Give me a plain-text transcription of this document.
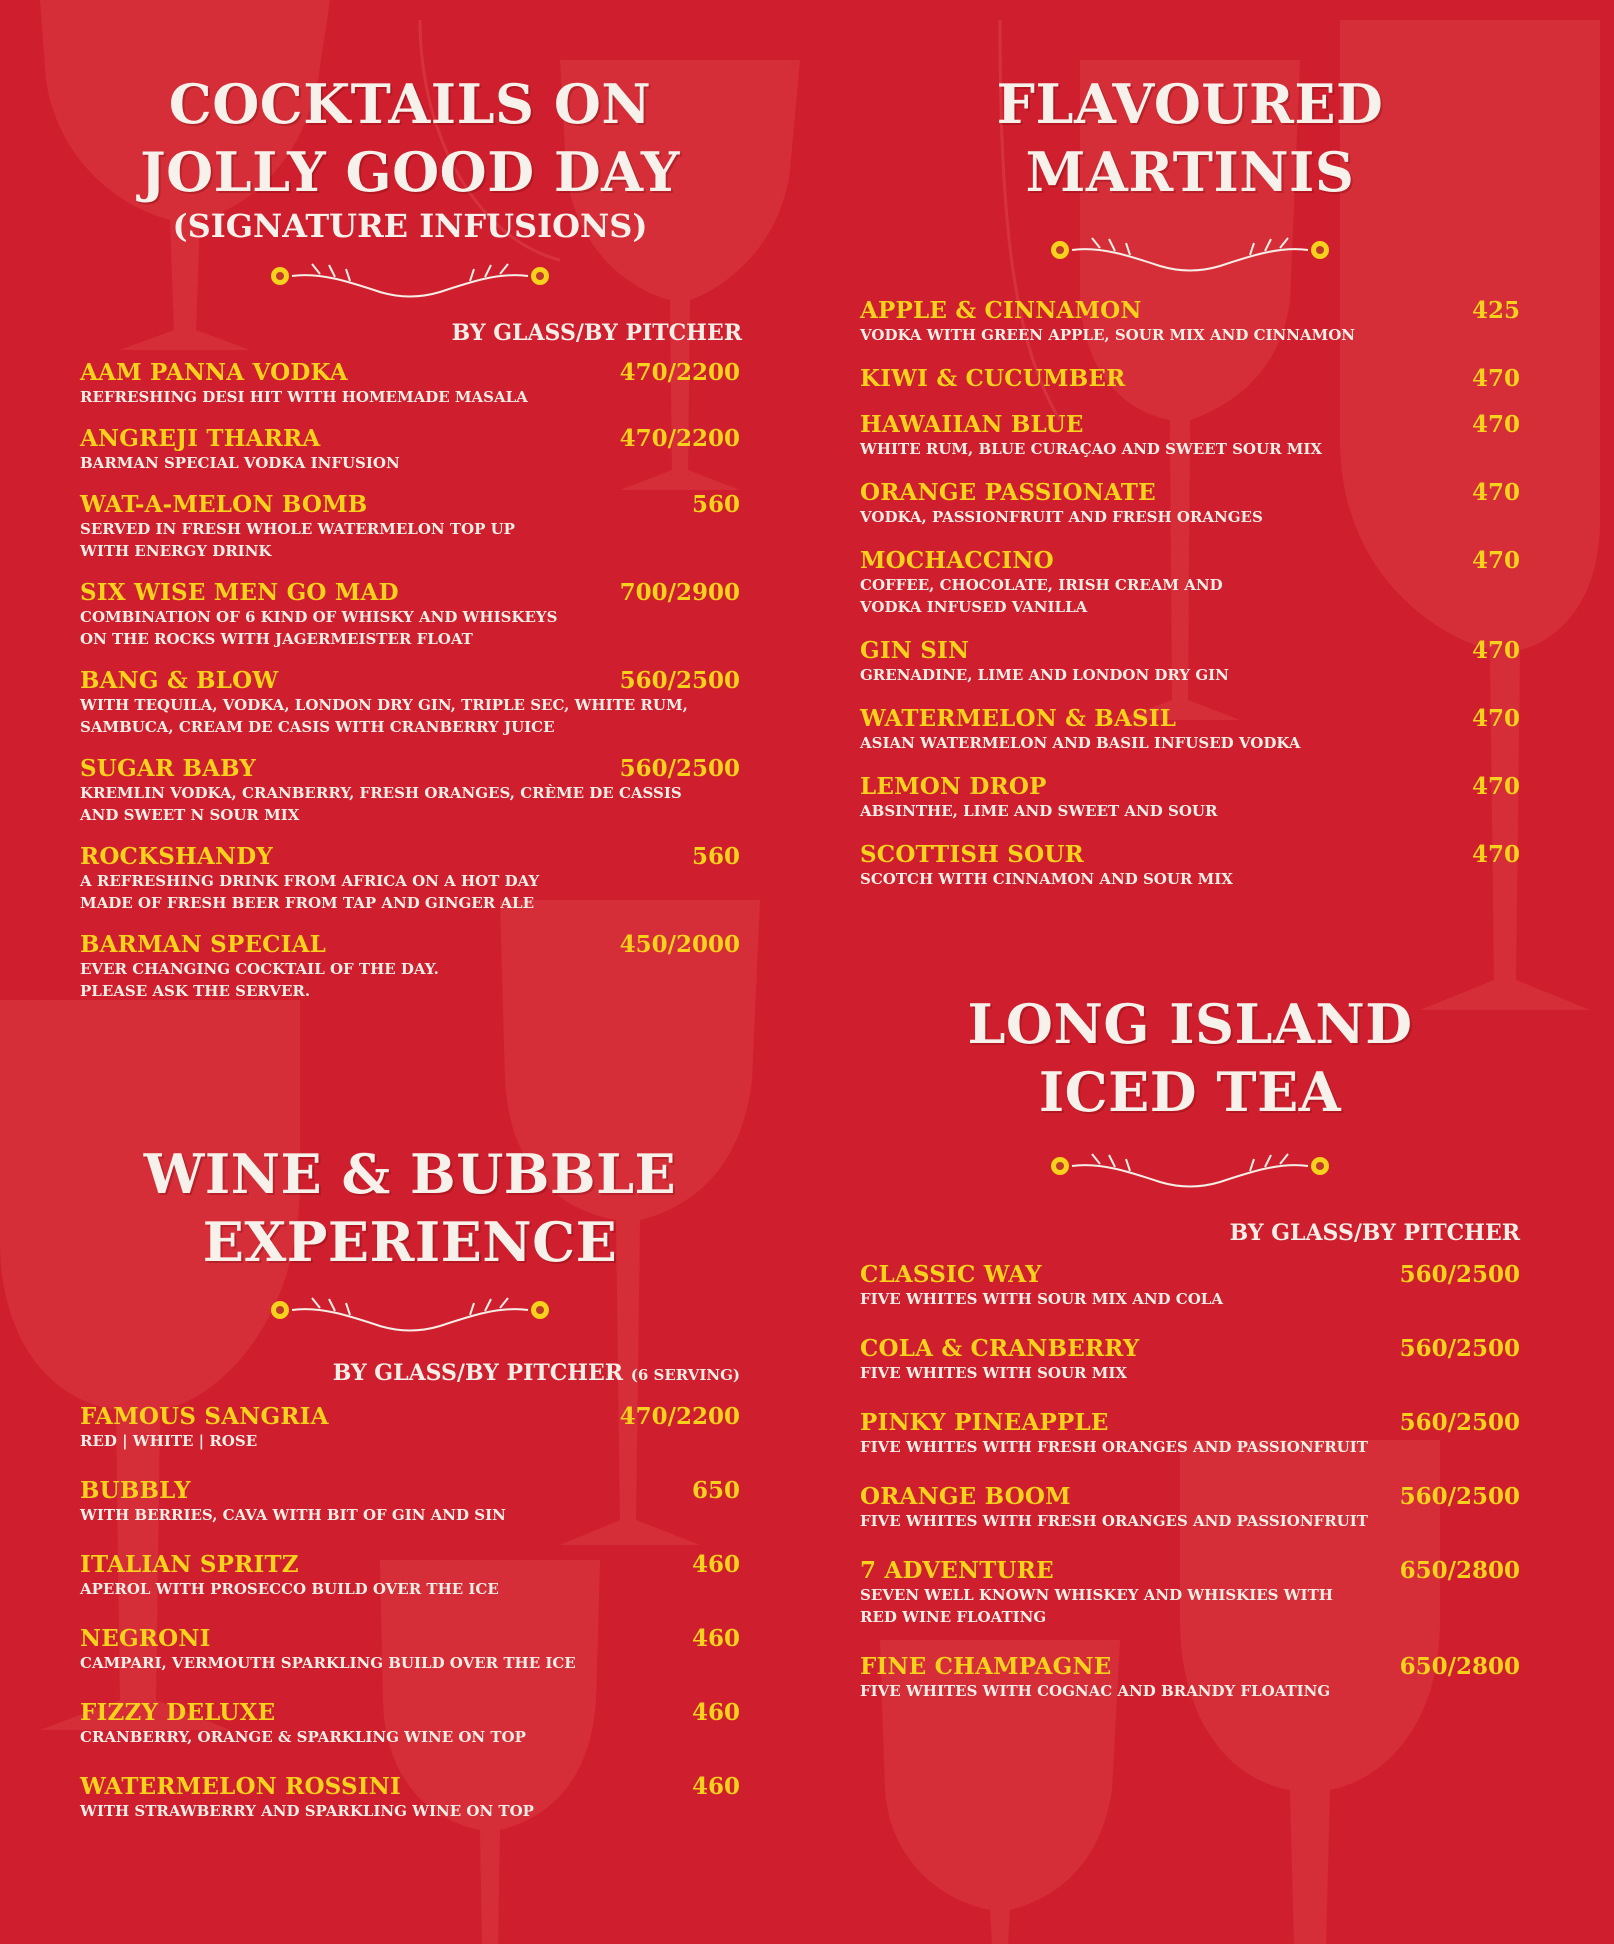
COCKTAILS ON
JOLLY GOOD DAY
(SIGNATURE INFUSIONS)
BY GLASS/BY PITCHER
AAM PANNA VODKA	470/2200
REFRESHING DESI HIT WITH HOMEMADE MASALA
ANGREJI THARRA	470/2200
BARMAN SPECIAL VODKA INFUSION
WAT-A-MELON BOMB	560
SERVED IN FRESH WHOLE WATERMELON TOP UP
WITH ENERGY DRINK
SIX WISE MEN GO MAD	700/2900
COMBINATION OF 6 KIND OF WHISKY AND WHISKEYS
ON THE ROCKS WITH JAGERMEISTER FLOAT
BANG & BLOW	560/2500
WITH TEQUILA, VODKA, LONDON DRY GIN, TRIPLE SEC, WHITE RUM,
SAMBUCA, CREAM DE CASIS WITH CRANBERRY JUICE
SUGAR BABY	560/2500
KREMLIN VODKA, CRANBERRY, FRESH ORANGES, CRÈME DE CASSIS
AND SWEET N SOUR MIX
ROCKSHANDY	560
A REFRESHING DRINK FROM AFRICA ON A HOT DAY
MADE OF FRESH BEER FROM TAP AND GINGER ALE
BARMAN SPECIAL	450/2000
EVER CHANGING COCKTAIL OF THE DAY.
PLEASE ASK THE SERVER.
WINE & BUBBLE
EXPERIENCE
BY GLASS/BY PITCHER (6 SERVING)
FAMOUS SANGRIA	470/2200
RED | WHITE | ROSE
BUBBLY	650
WITH BERRIES, CAVA WITH BIT OF GIN AND SIN
ITALIAN SPRITZ	460
APEROL WITH PROSECCO BUILD OVER THE ICE
NEGRONI	460
CAMPARI, VERMOUTH SPARKLING BUILD OVER THE ICE
FIZZY DELUXE	460
CRANBERRY, ORANGE & SPARKLING WINE ON TOP
WATERMELON ROSSINI	460
WITH STRAWBERRY AND SPARKLING WINE ON TOP
FLAVOURED
MARTINIS
APPLE & CINNAMON	425
VODKA WITH GREEN APPLE, SOUR MIX AND CINNAMON
KIWI & CUCUMBER	470
HAWAIIAN BLUE	470
WHITE RUM, BLUE CURAÇAO AND SWEET SOUR MIX
ORANGE PASSIONATE	470
VODKA, PASSIONFRUIT AND FRESH ORANGES
MOCHACCINO	470
COFFEE, CHOCOLATE, IRISH CREAM AND
VODKA INFUSED VANILLA
GIN SIN	470
GRENADINE, LIME AND LONDON DRY GIN
WATERMELON & BASIL	470
ASIAN WATERMELON AND BASIL INFUSED VODKA
LEMON DROP	470
ABSINTHE, LIME AND SWEET AND SOUR
SCOTTISH SOUR	470
SCOTCH WITH CINNAMON AND SOUR MIX
LONG ISLAND
ICED TEA
BY GLASS/BY PITCHER
CLASSIC WAY	560/2500
FIVE WHITES WITH SOUR MIX AND COLA
COLA & CRANBERRY	560/2500
FIVE WHITES WITH SOUR MIX
PINKY PINEAPPLE	560/2500
FIVE WHITES WITH FRESH ORANGES AND PASSIONFRUIT
ORANGE BOOM	560/2500
FIVE WHITES WITH FRESH ORANGES AND PASSIONFRUIT
7 ADVENTURE	650/2800
SEVEN WELL KNOWN WHISKEY AND WHISKIES WITH
RED WINE FLOATING
FINE CHAMPAGNE	650/2800
FIVE WHITES WITH COGNAC AND BRANDY FLOATING
